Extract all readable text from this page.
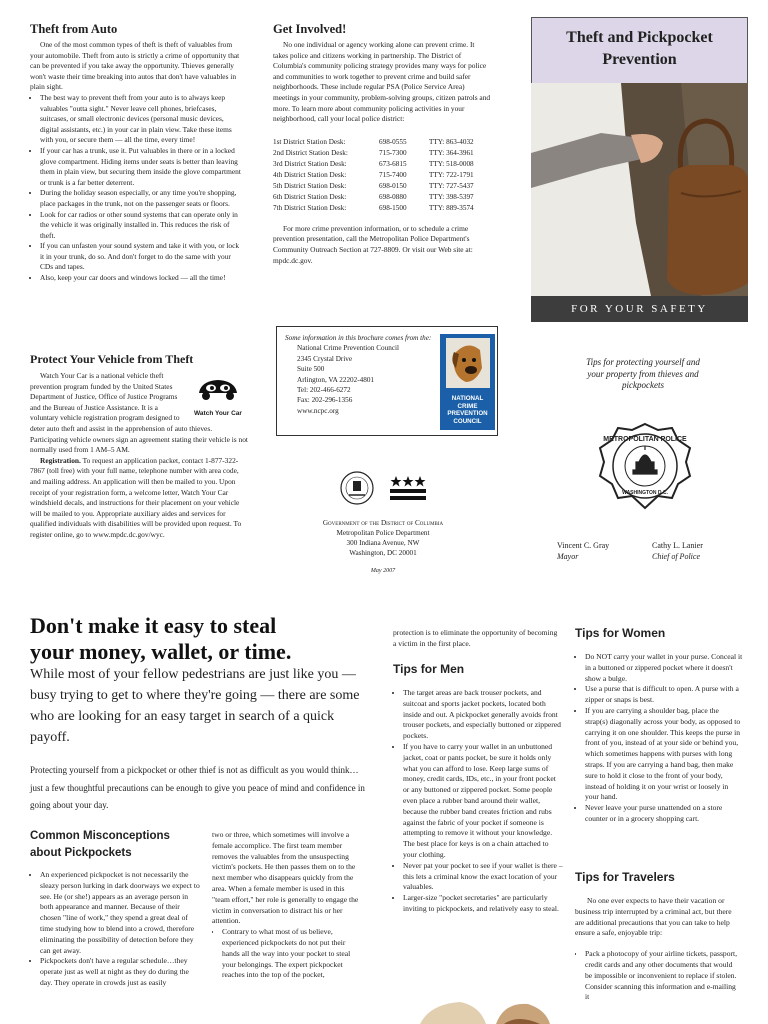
Theft from Auto

One of the most common types of theft is theft of valuables from your automobile. Theft from auto is strictly a crime of opportunity that can be prevented if you take away the opportunity. Thieves generally won't waste their time breaking into autos that don't have valuables in plain sight.

• The best way to prevent theft from your auto is to always keep valuables "outta sight." Never leave cell phones, briefcases, suitcases, or small electronic devices (personal music devices, digital assistants, etc.) in your car in plain view. Take these items with you, or secure them — all the time, every time!
• If your car has a trunk, use it. Put valuables in there or in a locked glove compartment. Hiding items under seats is better than leaving them in plain view, but securing them inside the glove compartment or trunk is a far better deterrent.
• During the holiday season especially, or any time you're shopping, place packages in the trunk, not on the passenger seats or floors.
• Look for car radios or other sound systems that can operate only in the vehicle it was originally installed in. This reduces the risk of theft.
• If you can unfasten your sound system and take it with you, or lock it in your trunk, do so. And don't forget to do the same with your CDs and tapes.
• Also, keep your car doors and windows locked — all the time!
Protect Your Vehicle from Theft
Watch Your Car

Watch Your Car is a national vehicle theft prevention program funded by the United States Department of Justice, Office of Justice Programs and the Bureau of Justice Assistance. It is a voluntary vehicle registration program designed to deter auto theft and assist in the apprehension of auto thieves. Participating vehicle owners sign an agreement stating their vehicle is not normally used from 1 AM–5 AM.

Registration. To request an application packet, contact 1-877-322-7867 (toll free) with your full name, telephone number with area code, and mailing address. An application will then be mailed to you. Upon receipt of your registration form, a welcome letter, Watch Your Car windshield decals, and instructions for their placement on your vehicle will be mailed to you. Appropriate auxiliary aides and services for qualified individuals with disabilities will be provided upon request. To register online, go to www.mpdc.dc.gov/wyc.

Get Involved!

No one individual or agency working alone can prevent crime. It takes police and citizens working in partnership. The District of Columbia's community policing strategy provides many ways for police and communities to work together to prevent crime and build safer neighborhoods. These include regular PSA (Police Service Area) meetings in your community, problem-solving groups, citizen patrols and more. To learn more about community policing activities in your neighborhood, call your local police district:

1st District Station Desk:	698-0555	TTY: 863-4032
2nd District Station Desk:	715-7300	TTY: 364-3961
3rd District Station Desk:	673-6815	TTY: 518-0008
4th District Station Desk:	715-7400	TTY: 722-1791
5th District Station Desk:	698-0150	TTY: 727-5437
6th District Station Desk:	698-0880	TTY: 398-5397
7th District Station Desk:	698-1500	TTY: 889-3574

For more crime prevention information, or to schedule a crime prevention presentation, call the Metropolitan Police Department's Community Outreach Section at 727-8809. Or visit our Web site at: mpdc.dc.gov.

Some information in this brochure comes from the:
National Crime Prevention Council
2345 Crystal Drive
Suite 500
Arlington, VA 22202-4801
Tel: 202-466-6272
Fax: 202-296-1356
www.ncpc.org
NATIONAL CRIME PREVENTION COUNCIL
Government of the District of Columbia
Metropolitan Police Department
300 Indiana Avenue, NW
Washington, DC 20001
May 2007
Theft and Pickpocket
Prevention
FOR YOUR SAFETY
Tips for protecting yourself and your property from thieves and pickpockets
METROPOLITAN POLICE
WASHINGTON D.C.
Vincent C. Gray
Mayor
Cathy L. Lanier
Chief of Police
Don't make it easy to steal
your money, wallet, or time.
While most of your fellow pedestrians are just like you — busy trying to get to where they're going — there are some who are looking for an easy target in search of a quick payoff.
Protecting yourself from a pickpocket or other thief is not as difficult as you would think…just a few thoughtful precautions can be enough to give you peace of mind and confidence in going about your day.
Common Misconceptions
about Pickpockets
• An experienced pickpocket is not necessarily the sleazy person lurking in dark doorways we expect to see. He (or she!) appears as an average person in both appearance and manner. Because of their chosen "line of work," they spend a great deal of time studying how to blend into a crowd, therefore eliminating the possibility of detection before they can get away.
• Pickpockets don't have a regular schedule…they operate just as well at night as they do during the day. They operate in crowds just as easily
two or three, which sometimes will involve a female accomplice. The first team member removes the valuables from the unsuspecting victim's pockets. He then passes them on to the next member who disappears quickly from the area. When a female member is used in this "team effort," her role is generally to engage the victim in conversation to distract his or her attention.
• Contrary to what most of us believe, experienced pickpockets do not put their hands all the way into your pocket to steal your belongings. The expert pickpocket reaches into the top of the pocket,
protection is to eliminate the opportunity of becoming a victim in the first place.
Tips for Men
• The target areas are back trouser pockets, and suitcoat and sports jacket pockets, located both inside and out. A pickpocket generally avoids front trouser pockets, and especially buttoned or zippered pockets.
• If you have to carry your wallet in an unbuttoned jacket, coat or pants pocket, be sure it holds only what you can afford to lose. Keep large sums of money, credit cards, IDs, etc., in your front pocket or any buttoned or zippered pocket. Some people even place a rubber band around their wallet, because the rubber band creates friction and rubs against the fabric of your pocket if someone is attempting to remove it without your knowledge. The best place for keys is on a chain attached to your clothing.
• Never pat your pocket to see if your wallet is there – this lets a criminal know the exact location of your valuables.
• Larger-size "pocket secretaries" are particularly inviting to pickpockets, and relatively easy to steal.
Tips for Women
• Do NOT carry your wallet in your purse. Conceal it in a buttoned or zippered pocket where it doesn't show a bulge.
• Use a purse that is difficult to open. A purse with a zipper or snaps is best.
• If you are carrying a shoulder bag, place the strap(s) diagonally across your body, as opposed to carrying it on one shoulder. This keeps the purse in front of you, instead of at your side or behind you, which sometimes happens with purses with long straps. If you are carrying a hand bag, then make sure to hold it close to the front of your body, instead of holding it on your wrist or loosely in your hand.
• Never leave your purse unattended on a store counter or in a grocery shopping cart.
Tips for Travelers
No one ever expects to have their vacation or business trip interrupted by a criminal act, but there are additional precautions that you can take to help ensure a safe, enjoyable trip:
• Pack a photocopy of your airline tickets, passport, credit cards and any other documents that would be impossible or inconvenient to replace if stolen. Consider scanning this information and e-mailing it
